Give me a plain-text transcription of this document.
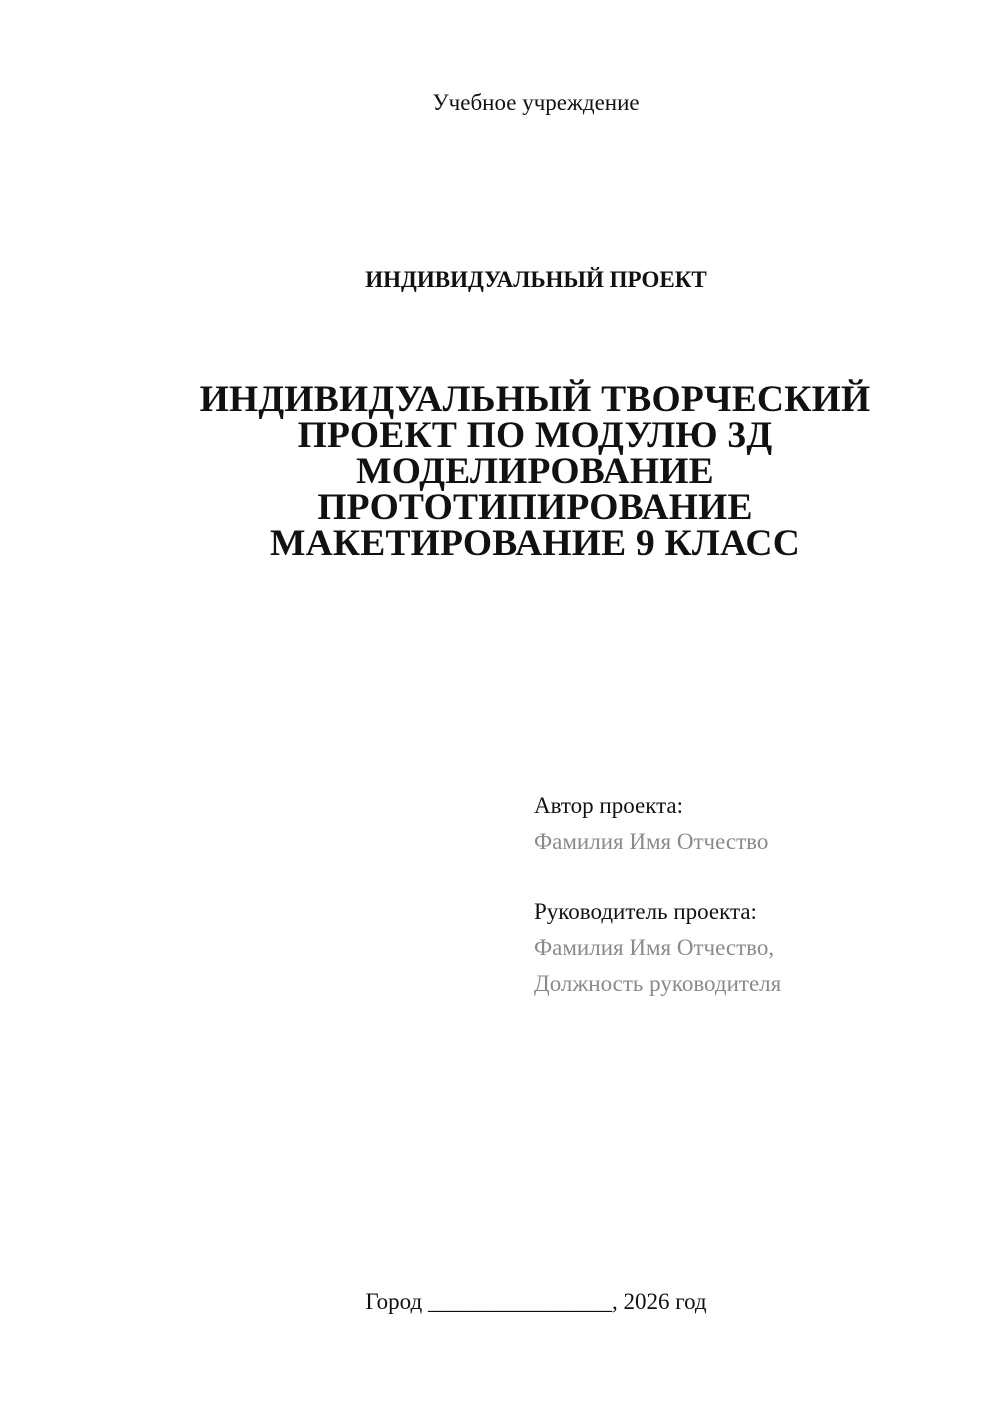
Учебное учреждение
ИНДИВИДУАЛЬНЫЙ ПРОЕКТ
ИНДИВИДУАЛЬНЫЙ ТВОРЧЕСКИЙ
ПРОЕКТ ПО МОДУЛЮ 3Д
МОДЕЛИРОВАНИЕ
ПРОТОТИПИРОВАНИЕ
МАКЕТИРОВАНИЕ 9 КЛАСС
Автор проекта:
Фамилия Имя Отчество
Руководитель проекта:
Фамилия Имя Отчество,
Должность руководителя
Город ________________, 2026 год
